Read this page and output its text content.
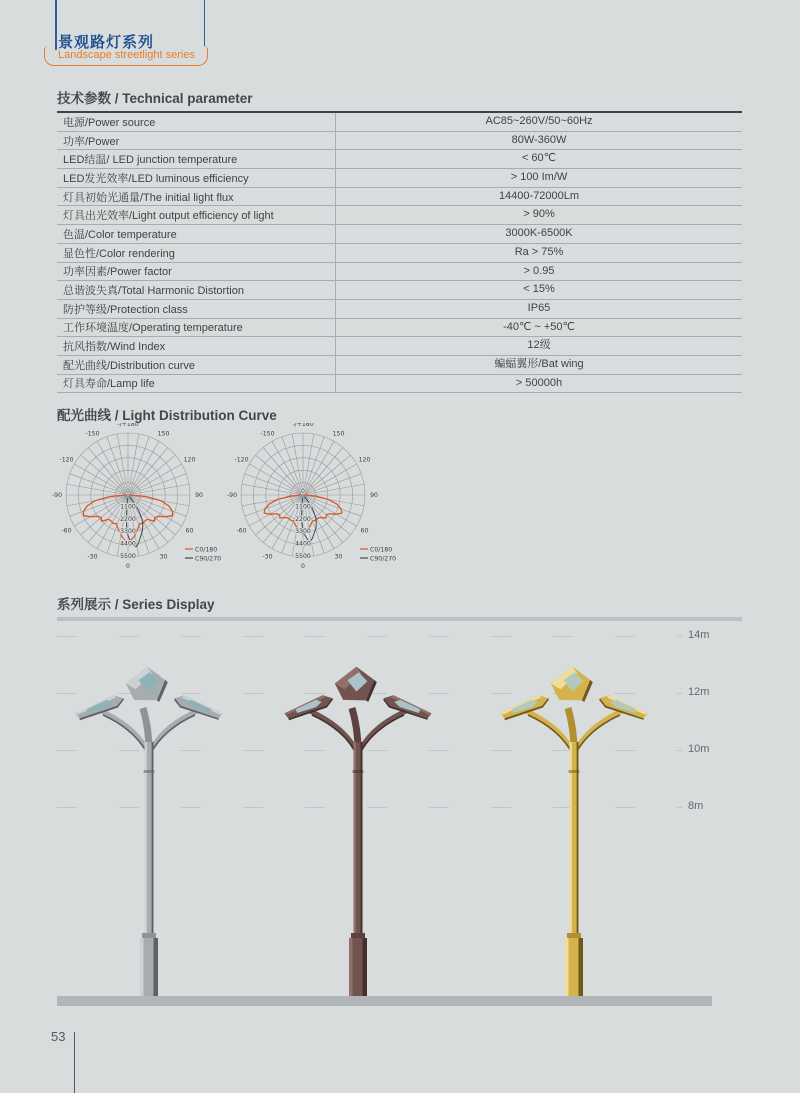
景观路灯系列
Landscape streetlight series
技术参数 / Technical parameter
电源/Power source	AC85~260V/50~60Hz
功率/Power	80W-360W
LED结温/ LED junction temperature	< 60℃
LED发光效率/LED luminous efficiency	> 100 Im/W
灯具初始光通量/The initial light flux	14400-72000Lm
灯具出光效率/Light output efficiency of light	> 90%
色温/Color temperature	3000K-6500K
显色性/Color rendering	Ra > 75%
功率因素/Power factor	> 0.95
总谐波失真/Total Harmonic Distortion	< 15%
防护等级/Protection class	IP65
工作环境温度/Operating temperature	-40℃ ~ +50℃
抗风指数/Wind Index	12级
配光曲线/Distribution curve	蝙蝠翼形/Bat wing
灯具寿命/Lamp life	> 50000h
配光曲线 / Light Distribution Curve
-/+180
-150	150
-120	120
-90	90
-60	60
-30	30
0
0
1100
2200
3300
4400
5500
C0/180
C90/270
-/+180
-150	150
-120	120
-90	90
-60	60
-30	30
0
0
1100
2200
3300
4400
5500
C0/180
C90/270
系列展示 / Series Display
14m
12m
10m
8m
53
